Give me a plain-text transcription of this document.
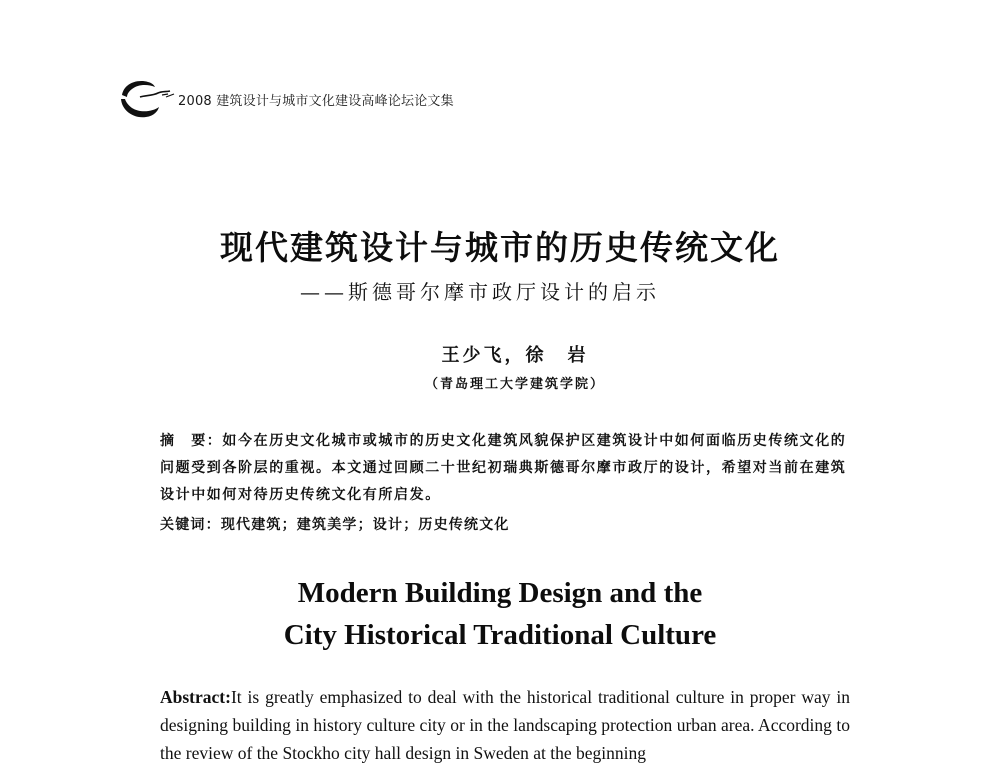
2008 建筑设计与城市文化建设高峰论坛论文集
现代建筑设计与城市的历史传统文化
——斯德哥尔摩市政厅设计的启示
王少飞，徐　岩
（青岛理工大学建筑学院）
摘　要：如今在历史文化城市或城市的历史文化建筑风貌保护区建筑设计中如何面临历史传统文化的问题受到各阶层的重视。本文通过回顾二十世纪初瑞典斯德哥尔摩市政厅的设计，希望对当前在建筑设计中如何对待历史传统文化有所启发。
关键词：现代建筑；建筑美学；设计；历史传统文化
Modern Building Design and the
City Historical Traditional Culture
Abstract:It is greatly emphasized to deal with the historical traditional culture in proper way in designing building in history culture city or in the landscaping protection urban area. According to the review of the Stockho city hall design in Sweden at the beginning
